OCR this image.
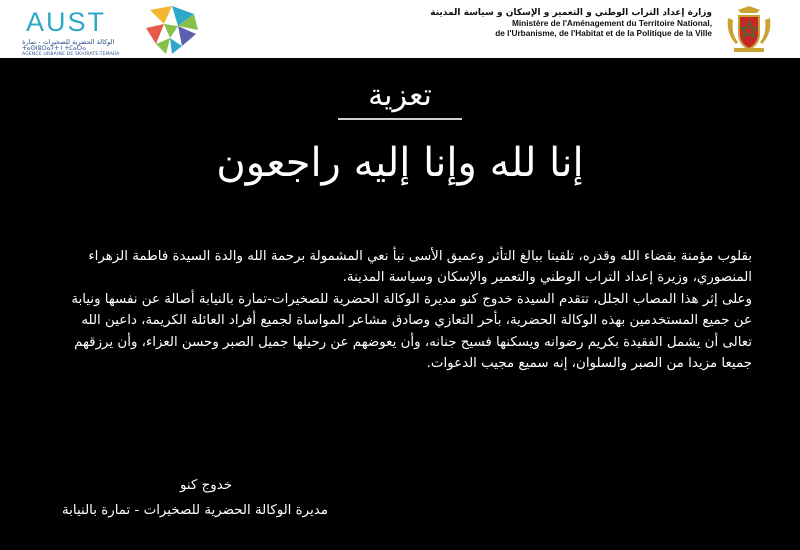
AUST
الوكالة الحضرية للصخيرات - تمارة
ⵜⴰⵙⵏⵓⵔⴰⵢⵜ ⵏ ⵜⵎⴰⵔⴰ
AGENCE URBAINE DE SKHIRATE-TEMARA
وزارة إعداد التراب الوطني و التعمير و الإسكان و سياسة المدينة
Ministère de l'Aménagement du Territoire National,
de l'Urbanisme, de l'Habitat et de la Politique de la Ville
تعزية
إنا لله وإنا إليه راجعون

بقلوب مؤمنة بقضاء الله وقدره، تلقينا ببالغ التأثر وعميق الأسى نبأ نعي المشمولة برحمة الله والدة السيدة فاطمة الزهراء المنصوري، وزيرة إعداد التراب الوطني والتعمير والإسكان وسياسة المدينة.

وعلى إثر هذا المصاب الجلل، تتقدم السيدة خدوج كنو مديرة الوكالة الحضرية للصخيرات-تمارة بالنيابة أصالة عن نفسها ونيابة عن جميع المستخدمين بهذه الوكالة الحضرية، بأحر التعازي وصادق مشاعر المواساة لجميع أفراد العائلة الكريمة، داعين الله تعالى أن يشمل الفقيدة بكريم رضوانه ويسكنها فسيح جنانه، وأن يعوضهم عن رحيلها جميل الصبر وحسن العزاء، وأن يرزقهم جميعا مزيدا من الصبر والسلوان، إنه سميع مجيب الدعوات.

خدوج كنو
مديرة الوكالة الحضرية للصخيرات - تمارة بالنيابة
